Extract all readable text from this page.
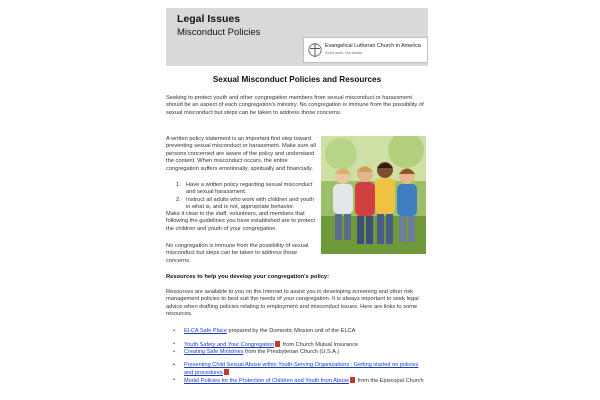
Legal Issues
Misconduct Policies
Evangelical Lutheran Church in America
God's work. Our hands.
Sexual Misconduct Policies and Resources

Seeking to protect youth and other congregation members from sexual misconduct or harassment should be an aspect of each congregation's ministry. No congregation is immune from the possibility of sexual misconduct but steps can be taken to address those concerns.

A written policy statement is an important first step toward preventing sexual misconduct or harassment. Make sure all persons concerned are aware of the policy and understand the content. When misconduct occurs, the entire congregation suffers emotionally, spiritually and financially.

1. Have a written policy regarding sexual misconduct and sexual harassment.
2. Instruct all adults who work with children and youth in what is, and is not, appropriate behavior.

Make it clear to the staff, volunteers, and members that following the guidelines you have established are to protect the children and youth of your congregation.

No congregation is immune from the possibility of sexual misconduct but steps can be taken to address those concerns.

Resources to help you develop your congregation's policy:

Resources are available to you on the Internet to assist you in developing screening and other risk management policies to best suit the needs of your congregation. It is always important to seek legal advice when drafting policies relating to employment and misconduct issues. Here are links to some resources.

• ELCA Safe Place prepared by the Domestic Mission unit of the ELCA
• Youth Safety and Your Congregation from Church Mutual Insurance
• Creating Safe Ministries from the Presbyterian Church (U.S.A.)
• Preventing Child Sexual Abuse within Youth-Serving Organizations : Getting started on policies and procedures
• Model Policies for the Protection of Children and Youth from Abuse from the Episcopal Church
